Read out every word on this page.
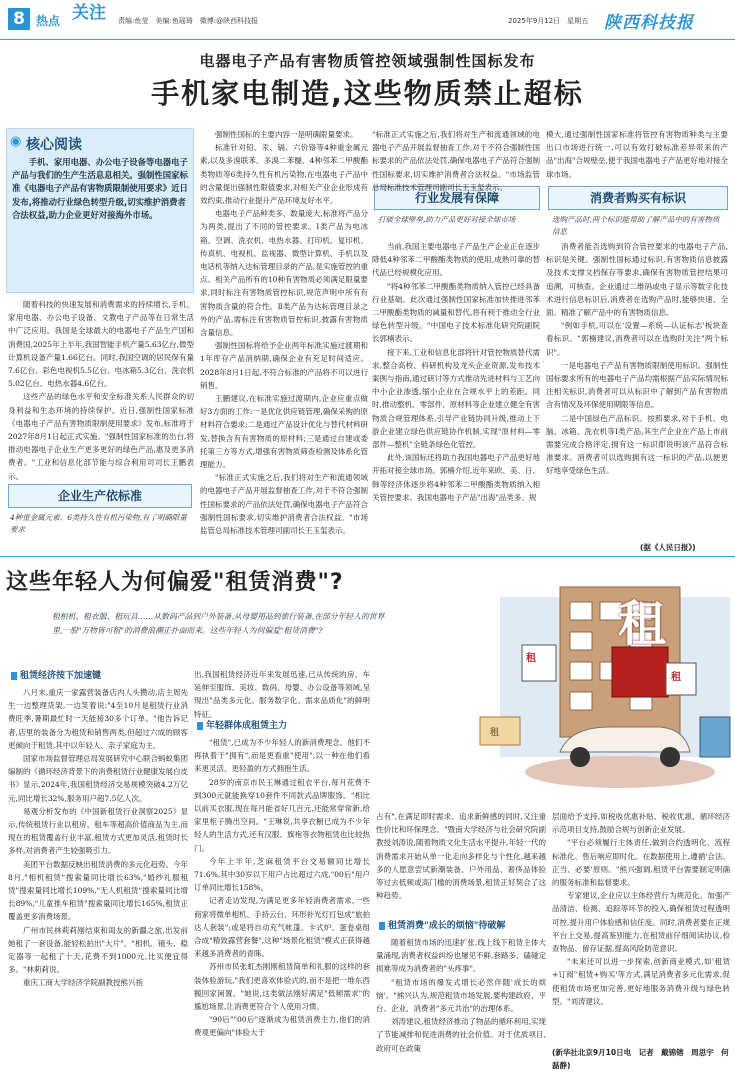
8 热点 关注	责编:鱼莹　美编:鱼瑶琦　微博:@陕西科技报	2025年9月12日　星期五 陕西科技报
电器电子产品有害物质管控领域强制性国标发布
手机家电制造,这些物质禁止超标
◉ 核心阅读
手机、家用电器、办公电子设备等电器电子产品与我们的生产生活息息相关。强制性国家标准《电器电子产品有害物质限制使用要求》近日发布,将推动行业绿色转型升级,切实维护消费者合法权益,助力企业更好对接海外市场。

随着科技的快速发展和消费需求的持续增长,手机、家用电器、办公电子设备、文教电子产品等在日常生活中广泛应用。我国是全球最大的电器电子产品生产国和消费国,2025年上半年,我国智能手机产量5.63亿台,微型计算机设备产量1.66亿台。同时,我国空调的居民保有量7.6亿台、彩色电视机5.5亿台、电冰箱5.3亿台、洗衣机5.02亿台、电热水器4.6亿台。

这些产品的绿色水平和安全标准关系人民群众的切身利益和生态环境的持续保护。近日,强制性国家标准《电器电子产品有害物质限制使用要求》发布,标准将于2027年8月1日起正式实施。"强制性国家标准的出台,将推动电器电子企业生产更多更好的绿色产品,惠及更多消费者。"工业和信息化部节能与综合利用司司长王鹏表示。

企业生产依标准
4种重金属元素、6类持久性有机污染物,有了明确限量要求

强制性国标的主要内容一是明确限量要求。

标准针对铅、汞、镉、六价铬等4种重金属元素,以及多溴联苯、多溴二苯醚、4种邻苯二甲酸酯类物质等6类持久性有机污染物,在电器电子产品中的含量提出强制性限值要求,对相关产业企业形成有效约束,推动行业提升产品环境友好水平。

电器电子产品种类多、数量庞大,标准将产品分为两类,提出了不同的管控要求。Ⅰ类产品为电冰箱、空调、洗衣机、电热水器、打印机、复印机、传真机、电视机、监视器、微型计算机、手机以及电话机等纳入达标管理目录的产品,是实施管控的重点。相关产品所有的10种有害物质必须满足限量要求,同时标注有害物质管控标识,规范声明中所有有害物质含量的符合性。Ⅱ类产品为达标管理目录之外的产品,需标注有害物质管控标识,披露有害物质含量信息。

强制性国标将给予企业两年标准实施过渡期和1年库存产品消纳期,确保企业有充足时间适应。2028年8月1日起,不符合标准的产品将不可以进行销售。

王鹏建议,在标准实施过渡期内,企业应重点做好3方面的工作:一是优化供应链管理,确保采购的原材料符合要求;二是通过产品设计优化与替代材料研发,替换含有有害物质的原材料;三是通过自建或委托第三方等方式,增强有害物质筛查检测及体系化管理能力。

"标准正式实施之后,我们将对生产和流通领域的电器电子产品开展监督抽查工作,对于不符合强制性国标要求的产品依法处罚,确保电器电子产品符合强制性国标要求,切实维护消费者合法权益。"市场监管总局标准技术管理司副司长王玉玺表示。

行业发展有保障
打破全球壁垒,助力产品更好对接全球市场

"标准正式实施之后,我们将对生产和流通领域的电器电子产品开展监督抽查工作,对于不符合强制性国标要求的产品依法处罚,确保电器电子产品符合强制性国标要求,切实维护消费者合法权益。"市场监管总局标准技术管理司副司长王玉玺表示。

当前,我国主要电器电子产品生产企业正在逐步降低4种邻苯二甲酸酯类物质的使用,成熟可靠的替代品已经规模化应用。

"将4种邻苯二甲酸酯类物质纳入管控已经具备行业基础。此次通过强制性国家标准加快推进邻苯二甲酸酯类物质的减量和替代,将有利于推动全行业绿色转型升级。"中国电子技术标准化研究院副院长郭楠表示。

接下来,工业和信息化部将针对管控物质替代需求,整合高校、科研机构及龙头企业资源,发布技术案例与指南,通过研讨等方式推动先进材料与工艺向中小企业渗透,缩小企业在合规水平上的差距。同时,推动整机、零部件、原材料等企业建立健全有害物质合规管理体系,引导产业链协同升级,推动上下游企业建立绿色供应链协作机制,实现"原材料—零部件—整机"全链条绿色化管控。

此外,该国标还将助力我国电器电子产品更好地开拓对接全球市场。郭楠介绍,近年来欧、美、日、韩等经济体逐步将4种邻苯二甲酸酯类物质纳入相关管控要求。我国电器电子产品"出海"品类多、规

模大,通过强制性国家标准将管控有害物质种类与主要出口市场进行统一,可以有效打破标准差异带来的产品"出海"合规壁垒,便于我国电器电子产品更好地对接全球市场。

消费者购买有标识
选购产品时,两个标识能帮助了解产品中的有害物质信息

消费者能否选购到符合管控要求的电器电子产品,标识是关键。强制性国标通过标识,有害物质信息披露及技术支撑文档保存等要求,确保有害物质管控结果可追溯、可核查。企业通过二维码或电子显示等数字化技术进行信息标识后,消费者在选购产品时,能够快速、全面、精准了解产品中的有害物质信息。

"例如手机,可以在'设置—系统—认证标志'板块查看标识。"郭楠建议,消费者可以在选购时关注"两个标识"。

一是电器电子产品有害物质限制使用标识。强制性国标要求所有的电器电子产品均需根据产品实际情况标注相关标识,消费者可以从标识中了解到产品有害物质含有情况及环保使用期限等信息。

二是中国绿色产品标识。按照要求,对于手机、电脑、冰箱、洗衣机等Ⅰ类产品,其生产企业在产品上市前需要完成合格评定,拥有这一标识即说明该产品符合标准要求。消费者可以选购拥有这一标识的产品,以便更好地享受绿色生活。

(据《人民日报》)
这些年轻人为何偏爱"租赁消费"?
租相机、租衣服、租玩具……从数码产品到户外装备,从母婴用品到旅行装备,在部分年轻人的世界里,一股"万物皆可租"的消费浪潮正扑面而来。这些年轻人为何偏爱"租赁消费"?	租
租
租
租
租赁经济按下加速键

八月末,重庆一家露营装备店内人头攒动,店主周先生一边整理货架,一边笑着说:"4至10月是租赁行业消费旺季,暑期最忙时一天能接30多个订单。"他告诉记者,店里的装备分为租赁和销售两类,但超过六成的顾客更倾向于租赁,其中以年轻人、亲子家庭为主。

国家市场监督管理总局发展研究中心联合蚂蚁集团编制的《循环经济背景下的消费租赁行业健康发展白皮书》显示,2024年,我国租赁经济交易规模突破4.2万亿元,同比增长32%,服务用户超7.5亿人次。

易观分析发布的《中国新租赁行业洞察2025》显示,传统租赁行业以租房、租车等超高价值商品为主,而现在的租赁覆盖行业丰富,租赁方式更加灵活,租赁时长多样,对消费者产生较强吸引力。

美团平台数据反映出租赁消费的多元化趋势。今年8月,"相机租赁"搜索量同比增长63%,"婚纱礼服租赁"搜索量同比增长109%,"无人机租赁"搜索量同比增长89%,"儿童推车租赁"搜索量同比增长165%,租赁正覆盖更多消费场景。

广州市民林莉莉刚结束和闺友的新疆之旅,出发前她租了一套设备,能轻松拍出"大片"。"相机、镜头、稳定器等一起租了十天,花费不到1000元,比买便宜得多。"林莉莉说。

重庆工商大学经济学院副教授熊兴指

出,我国租赁经济近年来发展迅速,已从传统的房、车延伸至服饰、美妆、数码、母婴、办公设备等领域,呈现出"品类多元化、服务数字化、需求品质化"的鲜明特征。

年轻群体成租赁主力

"租赁",已成为不少年轻人的新消费理念。他们不再执着于"拥有",而是更看重"使用",以一种在他们看来更灵活、更轻盈的方式拥抱生活。

28岁的南京市民王琳通过租衣平台,每月花费不到300元就能换穿10套件不同款式品牌服饰。"相比以前买衣服,现在每月能省好几百元,还能常穿常新,给家里柜子腾出空间。"王琳说,共享衣橱已成为不少年轻人的生活方式,还有汉服、旗袍等衣物租赁也比较热门。

今年上半年,芝麻租赁平台交易额同比增长71.6%,其中30岁以下用户占比超过六成,"00后"用户订单同比增长158%。

记者走访发现,为满足更多年轻消费者需求,一些商家将微单相机、手持云台、环形补光灯打包成"旅拍达人套装";或是将自动充气帐篷、卡式炉、蛋卷桌组合成"精致露营套餐",这种"场景化租赁"模式正获得越来越多消费者的青睐。

苏州市民张虹杰刚刚租赁简单和礼服的这样的套装体验游玩,"我们更喜欢体验式的,而不是把一堆东西搬回家闲置。"她说,这类做法刚好满足"低频需求"的尴尬场景,让消费更符合个人使用习惯。

"90后""00后"逐渐成为租赁消费主力,他们的消费观更偏向"体验大于

占有",在满足即时需求、追求新鲜感的同时,又注重性价比和环保理念。"暨南大学经济与社会研究院副教授刘涛说,随着物质文化生活水平提升,年轻一代的消费需求开始从单一化走向多样化与个性化,越来越多的人愿意尝试新潮装备、户外用品、奢侈品体验等过去低频或高门槛的消费场景,租赁正好契合了这种趋势。

租赁消费"成长的烦恼"待破解

随着租赁市场的迅速扩张,线上线下租赁主体大量涌现,消费者权益纠纷也屡见不鲜,套路多、磕碰定损难等成为消费者的"头疼事"。

"租赁市场的爆发式增长必然伴随'成长的烦恼'。"熊兴认为,规范租赁市场发展,要构建政府、平台、企业、消费者"多元共治"的治理体系。

刘涛建议,租赁经济推动了物品的循环利用,实现了节能减排和促进消费的社会价值。对于优质项目,政府可在政策

层面给予支持,如税收优惠补贴、税收优惠、循环经济示范项目支持,鼓励合规与创新企业发展。

"平台必须履行主体责任,做到合约透明化、流程标准化、售后响应即时化。在数据使用上,遵循'合法、正当、必要'原则。"熊兴强调,租赁平台需要制定明确的服务标准和监督要求。

专家建议,企业应以主体经营行为规范化。加强产品清洁、检测、追踪等环节的投入,确保租赁过程透明可控,提升用户体验感和信任度。同时,消费者要在正规平台上交易,提高鉴别能力,在租赁前仔细阅读协议,检查物品、留存证据,提高风险防范意识。

"未来还可以进一步探索,创新商业模式,如'租赁+订阅''租赁+购买'等方式,满足消费者多元化需求,促使租赁市场更加完善,更好地服务消费升级与绿色转型。"刘涛建议。

(新华社北京9月10日电　记者　戴锦镕　周思宇　何磊静)
